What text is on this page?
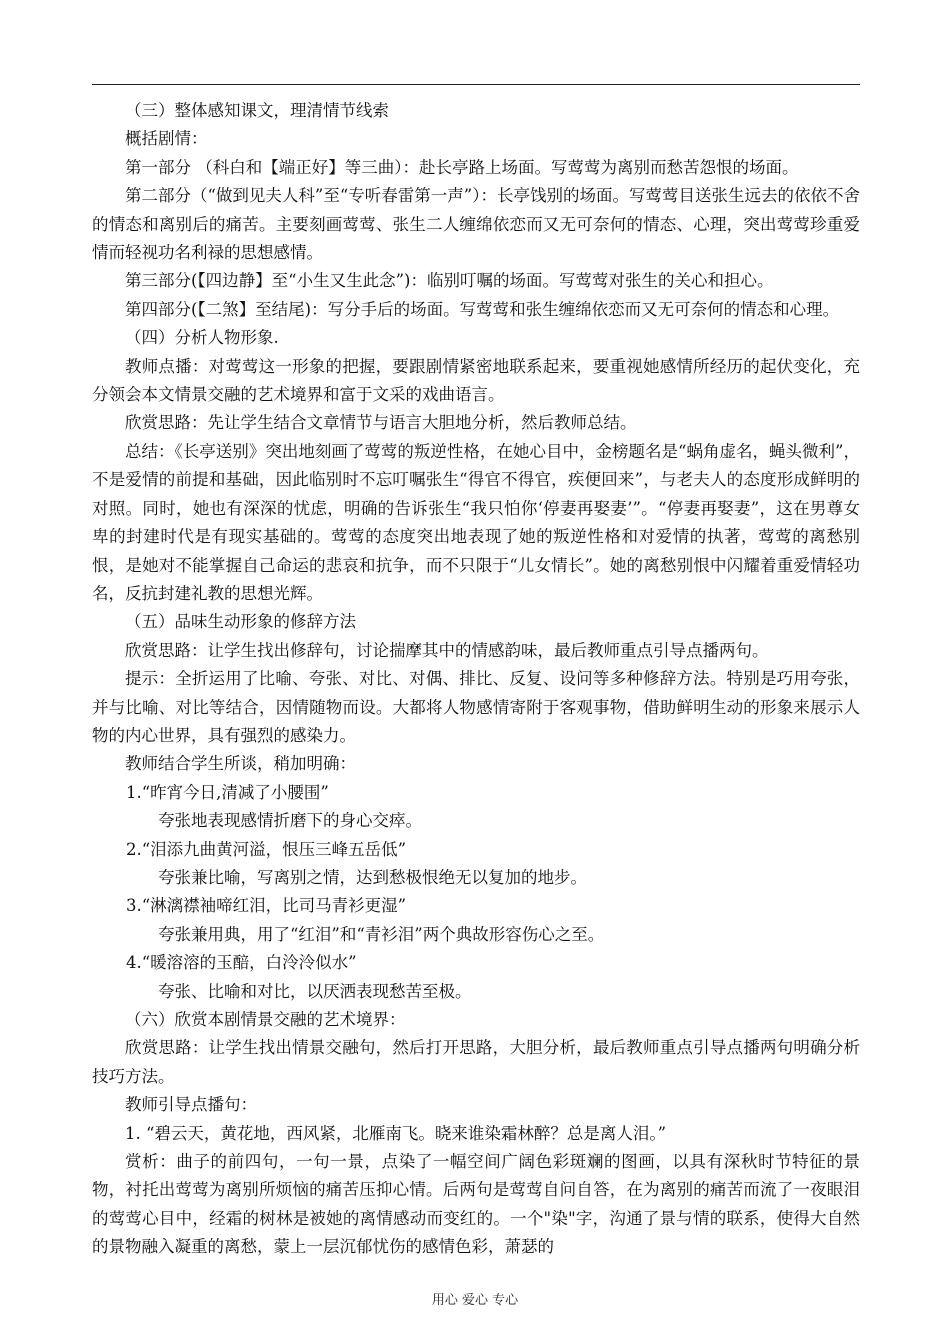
（三）整体感知课文，理清情节线索

概括剧情：

第一部分 （科白和【端正好】等三曲）：赴长亭路上场面。写莺莺为离别而愁苦怨恨的场面。

第二部分（“做到见夫人科”至“专听春雷第一声”）：长亭饯别的场面。写莺莺目送张生远去的依依不舍的情态和离别后的痛苦。主要刻画莺莺、张生二人缠绵依恋而又无可奈何的情态、心理，突出莺莺珍重爱情而轻视功名利禄的思想感情。

第三部分(【四边静】至“小生又生此念”)：临别叮嘱的场面。写莺莺对张生的关心和担心。

第四部分(【二煞】至结尾)：写分手后的场面。写莺莺和张生缠绵依恋而又无可奈何的情态和心理。

（四）分析人物形象.

教师点播：对莺莺这一形象的把握，要跟剧情紧密地联系起来，要重视她感情所经历的起伏变化，充分领会本文情景交融的艺术境界和富于文采的戏曲语言。

欣赏思路：先让学生结合文章情节与语言大胆地分析，然后教师总结。

总结：《长亭送别》突出地刻画了莺莺的叛逆性格，在她心目中，金榜题名是“蜗角虚名，蝇头微利”，不是爱情的前提和基础，因此临别时不忘叮嘱张生“得官不得官，疾便回来”，与老夫人的态度形成鲜明的对照。同时，她也有深深的忧虑，明确的告诉张生“我只怕你‘停妻再娶妻’”。“停妻再娶妻”，这在男尊女卑的封建时代是有现实基础的。莺莺的态度突出地表现了她的叛逆性格和对爱情的执著，莺莺的离愁别恨，是她对不能掌握自己命运的悲哀和抗争，而不只限于“儿女情长”。她的离愁别恨中闪耀着重爱情轻功名，反抗封建礼教的思想光辉。

（五）品味生动形象的修辞方法

欣赏思路：让学生找出修辞句，讨论揣摩其中的情感韵味，最后教师重点引导点播两句。

提示：全折运用了比喻、夸张、对比、对偶、排比、反复、设问等多种修辞方法。特别是巧用夸张，并与比喻、对比等结合，因情随物而设。大都将人物感情寄附于客观事物，借助鲜明生动的形象来展示人物的内心世界，具有强烈的感染力。

教师结合学生所谈，稍加明确：

1.“昨宵今日,清减了小腰围”

夸张地表现感情折磨下的身心交瘁。

2.“泪添九曲黄河溢，恨压三峰五岳低”

夸张兼比喻，写离别之情，达到愁极恨绝无以复加的地步。

3.“淋漓襟袖啼红泪，比司马青衫更湿”

夸张兼用典，用了“红泪”和“青衫泪”两个典故形容伤心之至。

4.“暖溶溶的玉醅，白泠泠似水”

夸张、比喻和对比，以厌洒表现愁苦至极。

（六）欣赏本剧情景交融的艺术境界：

欣赏思路：让学生找出情景交融句，然后打开思路，大胆分析，最后教师重点引导点播两句明确分析技巧方法。

教师引导点播句：

1. “碧云天，黄花地，西风紧，北雁南飞。晓来谁染霜林醉？总是离人泪。”

赏析：曲子的前四句，一句一景，点染了一幅空间广阔色彩斑斓的图画，以具有深秋时节特征的景物，衬托出莺莺为离别所烦恼的痛苦压抑心情。后两句是莺莺自问自答，在为离别的痛苦而流了一夜眼泪的莺莺心目中，经霜的树林是被她的离情感动而变红的。一个"染"字，沟通了景与情的联系，使得大自然的景物融入凝重的离愁，蒙上一层沉郁忧伤的感情色彩，萧瑟的

用心 爱心 专心
